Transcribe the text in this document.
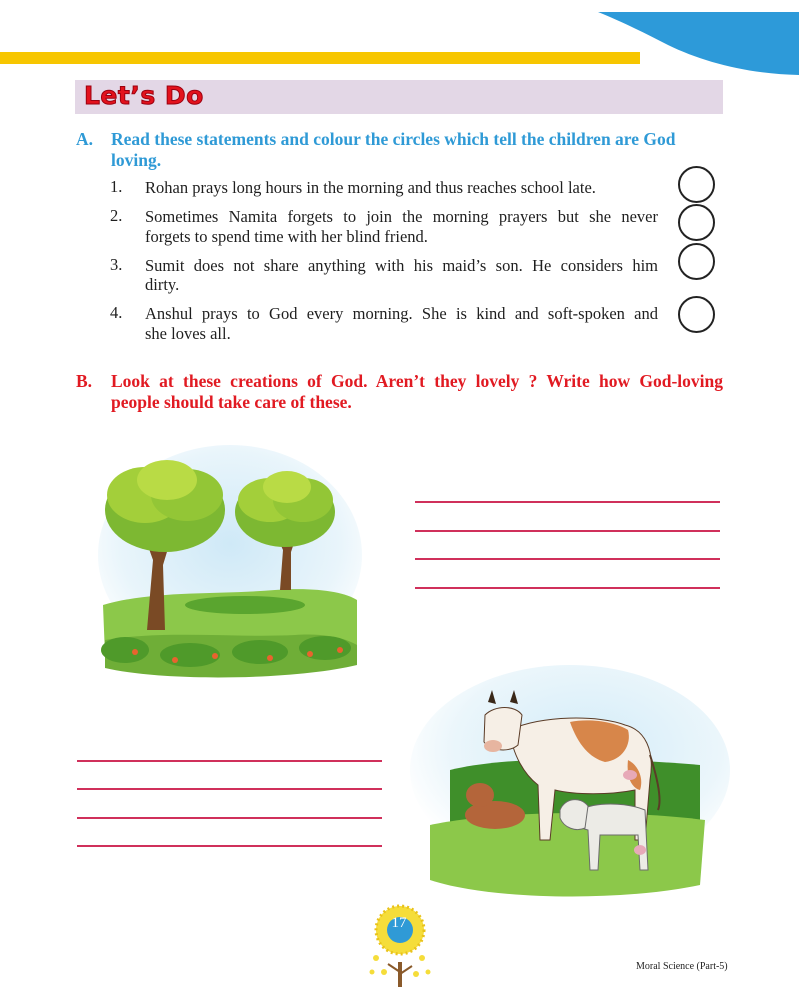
Let’s Do
A. Read these statements and colour the circles which tell the children are God
loving.
1. Rohan prays long hours in the morning and thus reaches school late.
2. Sometimes Namita forgets to join the morning prayers but she never
forgets to spend time with her blind friend.
3. Sumit does not share anything with his maid’s son. He considers him
dirty.
4. Anshul prays to God every morning. She is kind and soft-spoken and
she loves all.
B. Look at these creations of God. Aren’t they lovely ? Write how God-loving
people should take care of these.
17
Moral Science (Part-5)
